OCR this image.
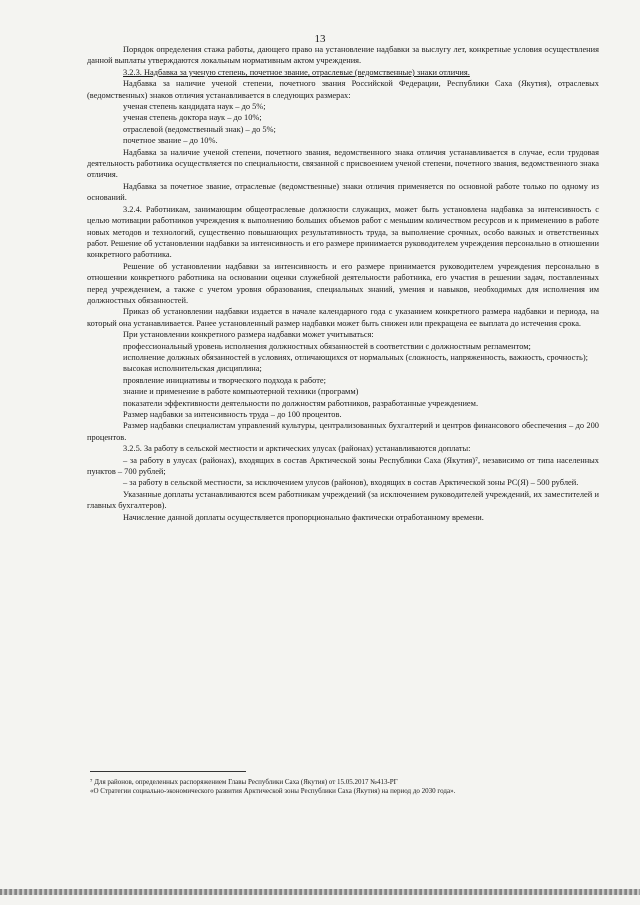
13

Порядок определения стажа работы, дающего право на установление надбавки за выслугу лет, конкретные условия осуществления данной выплаты утверждаются локальным нормативным актом учреждения.

3.2.3. Надбавка за ученую степень, почетное звание, отраслевые (ведомственные) знаки отличия.

Надбавка за наличие ученой степени, почетного звания Российской Федерации, Республики Саха (Якутия), отраслевых (ведомственных) знаков отличия устанавливается в следующих размерах:

ученая степень кандидата наук – до 5%;

ученая степень доктора наук – до 10%;

отраслевой (ведомственный знак) – до 5%;

почетное звание – до 10%.

Надбавка за наличие ученой степени, почетного звания, ведомственного знака отличия устанавливается в случае, если трудовая деятельность работника осуществляется по специальности, связанной с присвоением ученой степени, почетного звания, ведомственного знака отличия.

Надбавка за почетное звание, отраслевые (ведомственные) знаки отличия применяется по основной работе только по одному из оснований.

3.2.4. Работникам, занимающим общеотраслевые должности служащих, может быть установлена надбавка за интенсивность с целью мотивации работников учреждения к выполнению больших объемов работ с меньшим количеством ресурсов и к применению в работе новых методов и технологий, существенно повышающих результативность труда, за выполнение срочных, особо важных и ответственных работ. Решение об установлении надбавки за интенсивность и его размере принимается руководителем учреждения персонально в отношении конкретного работника.

Решение об установлении надбавки за интенсивность и его размере принимается руководителем учреждения персонально в отношении конкретного работника на основании оценки служебной деятельности работника, его участия в решении задач, поставленных перед учреждением, а также с учетом уровня образования, специальных знаний, умения и навыков, необходимых для исполнения им должностных обязанностей.

Приказ об установлении надбавки издается в начале календарного года с указанием конкретного размера надбавки и периода, на который она устанавливается. Ранее установленный размер надбавки может быть снижен или прекращена ее выплата до истечения срока.

При установлении конкретного размера надбавки может учитываться:

профессиональный уровень исполнения должностных обязанностей в соответствии с должностным регламентом;

исполнение должных обязанностей в условиях, отличающихся от нормальных (сложность, напряженность, важность, срочность);

высокая исполнительская дисциплина;

проявление инициативы и творческого подхода к работе;

знание и применение в работе компьютерной техники (программ)

показатели эффективности деятельности по должностям работников, разработанные учреждением.

Размер надбавки за интенсивность труда – до 100 процентов.

Размер надбавки специалистам управлений культуры, централизованных бухгалтерий и центров финансового обеспечения – до 200 процентов.

3.2.5. За работу в сельской местности и арктических улусах (районах) устанавливаются доплаты:

– за работу в улусах (районах), входящих в состав Арктической зоны Республики Саха (Якутия)⁷, независимо от типа населенных пунктов – 700 рублей;

– за работу в сельской местности, за исключением улусов (районов), входящих в состав Арктической зоны РС(Я) – 500 рублей.

Указанные доплаты устанавливаются всем работникам учреждений (за исключением руководителей учреждений, их заместителей и главных бухгалтеров).

Начисление данной доплаты осуществляется пропорционально фактически отработанному времени.

⁷ Для районов, определенных распоряжением Главы Республики Саха (Якутия) от 15.05.2017 №413-РГ

«О Стратегии социально-экономического развития Арктической зоны Республики Саха (Якутия) на период до 2030 года».
